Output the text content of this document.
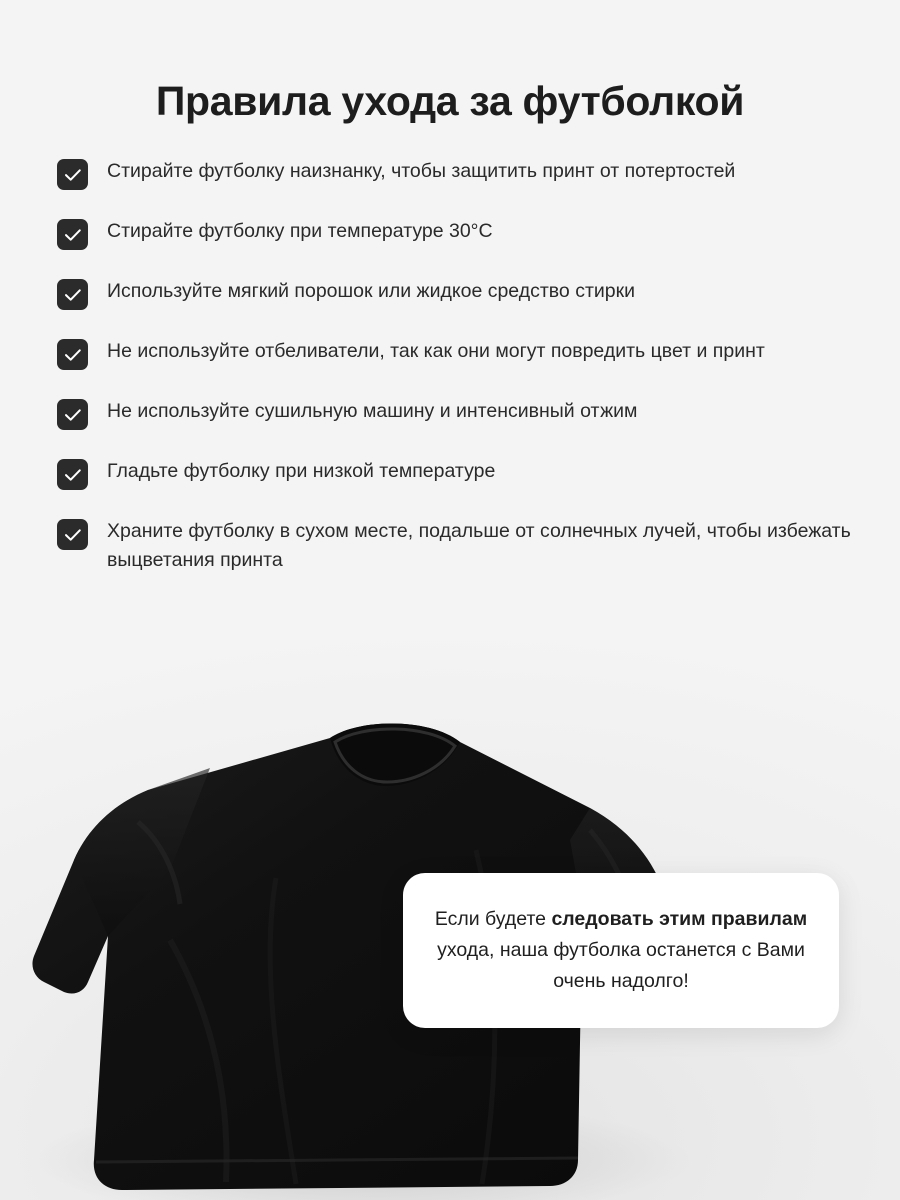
Правила ухода за футболкой
Стирайте футболку наизнанку, чтобы защитить принт от потертостей
Стирайте футболку при температуре 30°С
Используйте мягкий порошок или жидкое средство стирки
Не используйте отбеливатели, так как они могут повредить цвет и принт
Не используйте сушильную машину и интенсивный отжим
Гладьте футболку при низкой температуре
Храните футболку в сухом месте, подальше от солнечных лучей, чтобы избежать выцветания принта
Если будете следовать этим правилам ухода, наша футболка останется с Вами очень надолго!
